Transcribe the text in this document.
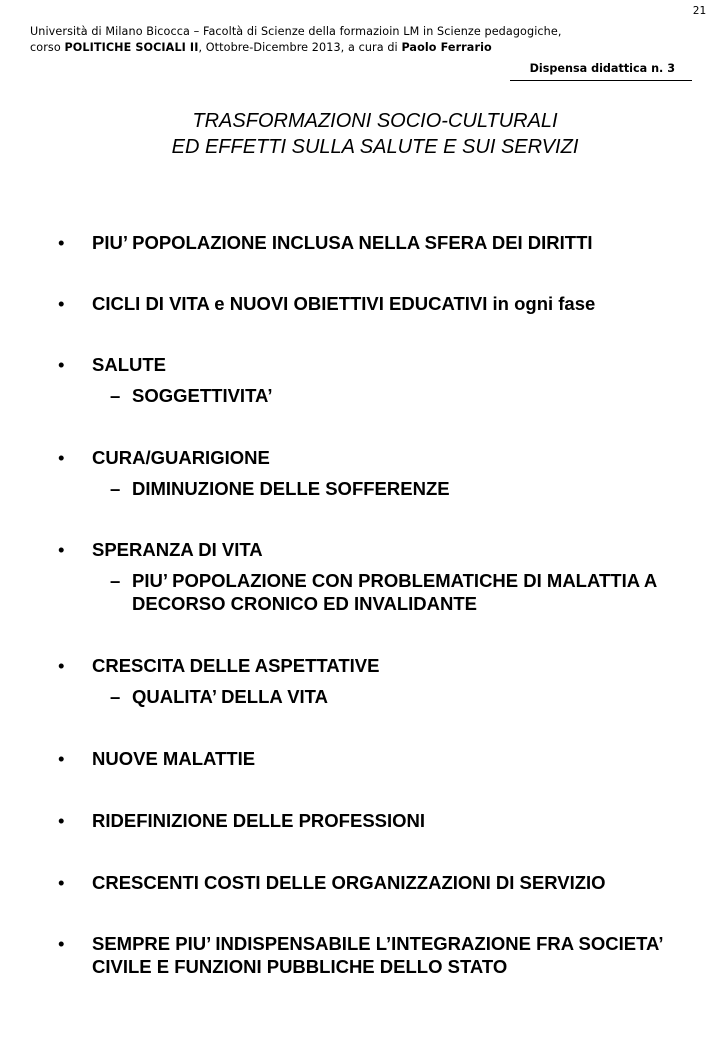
21
Università di Milano Bicocca – Facoltà di Scienze della formazioin LM in Scienze pedagogiche,
corso POLITICHE SOCIALI II, Ottobre-Dicembre 2013, a cura di Paolo Ferrario
Dispensa didattica n. 3
TRASFORMAZIONI SOCIO-CULTURALI
ED EFFETTI SULLA SALUTE E SUI SERVIZI
• PIU’ POPOLAZIONE INCLUSA NELLA SFERA DEI DIRITTI
• CICLI DI VITA e NUOVI OBIETTIVI EDUCATIVI in ogni fase
• SALUTE
– SOGGETTIVITA’
• CURA/GUARIGIONE
– DIMINUZIONE DELLE SOFFERENZE
• SPERANZA DI VITA
– PIU’ POPOLAZIONE CON PROBLEMATICHE DI MALATTIA A DECORSO CRONICO ED INVALIDANTE
• CRESCITA DELLE ASPETTATIVE
– QUALITA’ DELLA VITA
• NUOVE MALATTIE
• RIDEFINIZIONE DELLE PROFESSIONI
• CRESCENTI COSTI DELLE ORGANIZZAZIONI DI SERVIZIO
• SEMPRE PIU’ INDISPENSABILE L’INTEGRAZIONE FRA SOCIETA’ CIVILE E FUNZIONI PUBBLICHE DELLO STATO
